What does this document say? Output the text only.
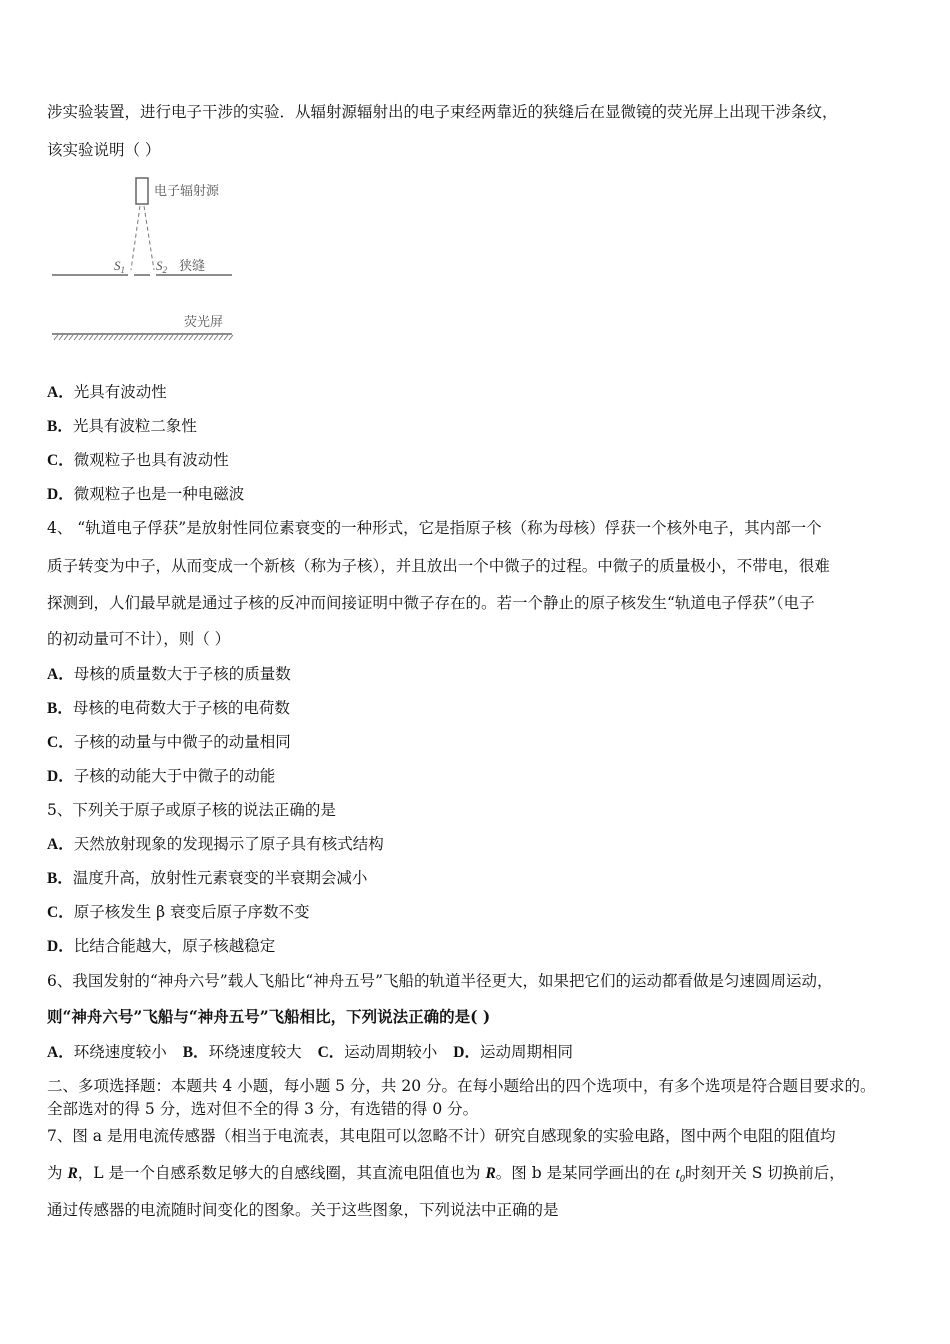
涉实验装置，进行电子干涉的实验．从辐射源辐射出的电子束经两靠近的狭缝后在显微镜的荧光屏上出现干涉条纹，
该实验说明（ ）
电子辐射源
$S_1$ $S_2$ 狭缝
荧光屏
A．光具有波动性
B．光具有波粒二象性
C．微观粒子也具有波动性
D．微观粒子也是一种电磁波
4、 “轨道电子俘获”是放射性同位素衰变的一种形式，它是指原子核（称为母核）俘获一个核外电子，其内部一个
质子转变为中子，从而变成一个新核（称为子核），并且放出一个中微子的过程。中微子的质量极小，不带电，很难
探测到，人们最早就是通过子核的反冲而间接证明中微子存在的。若一个静止的原子核发生“轨道电子俘获”（电子
的初动量可不计），则（ ）
A．母核的质量数大于子核的质量数
B．母核的电荷数大于子核的电荷数
C．子核的动量与中微子的动量相同
D．子核的动能大于中微子的动能
5、下列关于原子或原子核的说法正确的是
A．天然放射现象的发现揭示了原子具有核式结构
B．温度升高，放射性元素衰变的半衰期会减小
C．原子核发生 β 衰变后原子序数不变
D．比结合能越大，原子核越稳定
6、我国发射的“神舟六号”载人飞船比“神舟五号”飞船的轨道半径更大，如果把它们的运动都看做是匀速圆周运动，
则“神舟六号”飞船与“神舟五号”飞船相比，下列说法正确的是( )
A．环绕速度较小 B．环绕速度较大 C．运动周期较小 D．运动周期相同
二、多项选择题：本题共 4 小题，每小题 5 分，共 20 分。在每小题给出的四个选项中，有多个选项是符合题目要求的。
全部选对的得 5 分，选对但不全的得 3 分，有选错的得 0 分。
7、图 a 是用电流传感器（相当于电流表，其电阻可以忽略不计）研究自感现象的实验电路，图中两个电阻的阻值均
为 R，L 是一个自感系数足够大的自感线圈，其直流电阻值也为 R。图 b 是某同学画出的在 $t_0$时刻开关 S 切换前后，
通过传感器的电流随时间变化的图象。关于这些图象，下列说法中正确的是
